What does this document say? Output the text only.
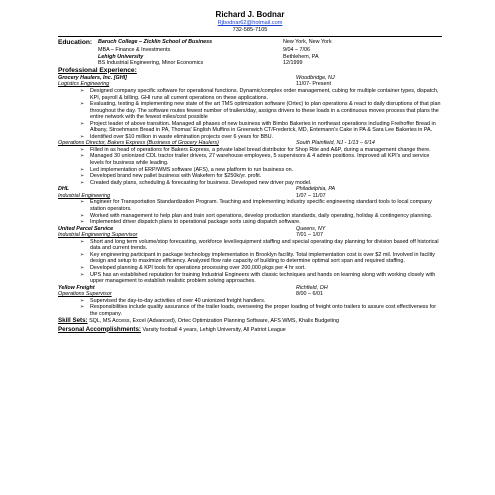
Richard J. Bodnar
Rjbodnar62@hotmail.com
732-585-7105
Education:	Baruch College – Zicklin School of Business	New York, New York
MBA – Finance & Investments	9/04 – 7/06
Lehigh University	Bethlehem, PA
BS Industrial Engineering, Minor Economics	12/1999
Professional Experience:
Grocery Haulers, Inc. [GHI]	Woodbridge, NJ
Logistics Engineering	11/07- Present
➢ Designed company specific software for operational functions. Dynamic/complex order management, cubing for multiple container types, dispatch, KPI, payroll & billing. GHI runs all current operations on these applications.
➢ Evaluating, testing & implementing new state of the art TMS optimization software (Ortec) to plan operations & react to daily disruptions of that plan throughout the day. The software routes fewest number of trailers/day, assigns drivers to these loads in a continuous moves process that plans the entire network with the fewest miles/cost possible
➢ Project leader of above transition. Managed all phases of new business with Bimbo Bakeries in northeast operations including Freihoffer Bread in Albany, Stroehmann Bread in PA, Thomas' English Muffins in Greenwich CT/Frederick, MD, Entemann's Cake in PA & Sara Lee Bakeries in PA.
➢ Identified over $10 million in waste elimination projects over 6 years for BBU.
Operations Director, Bakers Express (Business of Grocery Haulers)	South Plainfield, NJ - 1/13 – 6/14
➢ Filled in as head of operations for Bakers Express, a private label bread distributor for Shop Rite and A&P, during a management change there.
➢ Managed 30 unionized CDL tractor trailer drivers, 27 warehouse employees, 5 supervisors & 4 admin positions. Improved all KPI's and service levels for business while leading.
➢ Led implementation of ERP/WMS software (AFS), a new platform to run business on.
➢ Developed brand new pallet business with Wakefern for $250k/yr. profit.
➢ Created daily plans, scheduling & forecasting for business. Developed new driver pay model.
DHL	Philadelphia, PA
Industrial Engineering	1/07 – 11/07
➢ Engineer for Transportation Standardization Program. Teaching and implementing industry specific engineering standard tools to local company station operators.
➢ Worked with management to help plan and train sort operations, develop production standards, daily operating, holiday & contingency planning.
➢ Implemented driver dispatch plans to operational package sorts using dispatch software.
United Parcel Service	Queens, NY
Industrial Engineering Supervisor	7/01 – 1/07
➢ Short and long term volume/stop forecasting, workforce level/equipment staffing and special operating day planning for division based off historical data and current trends.
➢ Key engineering participant in package technology implementation in Brooklyn facility. Total implementation cost is over $2 mil. Involved in facility design and setup to maximize efficiency. Analyzed flow rate capacity of building to determine optimal sort span and required staffing.
➢ Developed planning & KPI tools for operations processing over 200,000 pkgs per 4 hr sort.
➢ UPS has an established reputation for training Industrial Engineers with classic techniques and hands on learning along with working closely with upper management to establish realistic problem solving approaches.
Yellow Freight	Richfield, OH
Operations Supervisor	8/00 – 6/01
➢ Supervised the day-to-day activities of over 40 unionized freight handlers.
➢ Responsibilities include quality assurance of the trailer loads, overseeing the proper loading of freight onto trailers to assure cost effectiveness for the company.
Skill Sets: SQL, MS Access, Excel (Advanced), Ortec Optimization Planning Software, AFS WMS, Khalix Budgeting
Personal Accomplishments: Varsity football 4 years, Lehigh University, All Patriot League
